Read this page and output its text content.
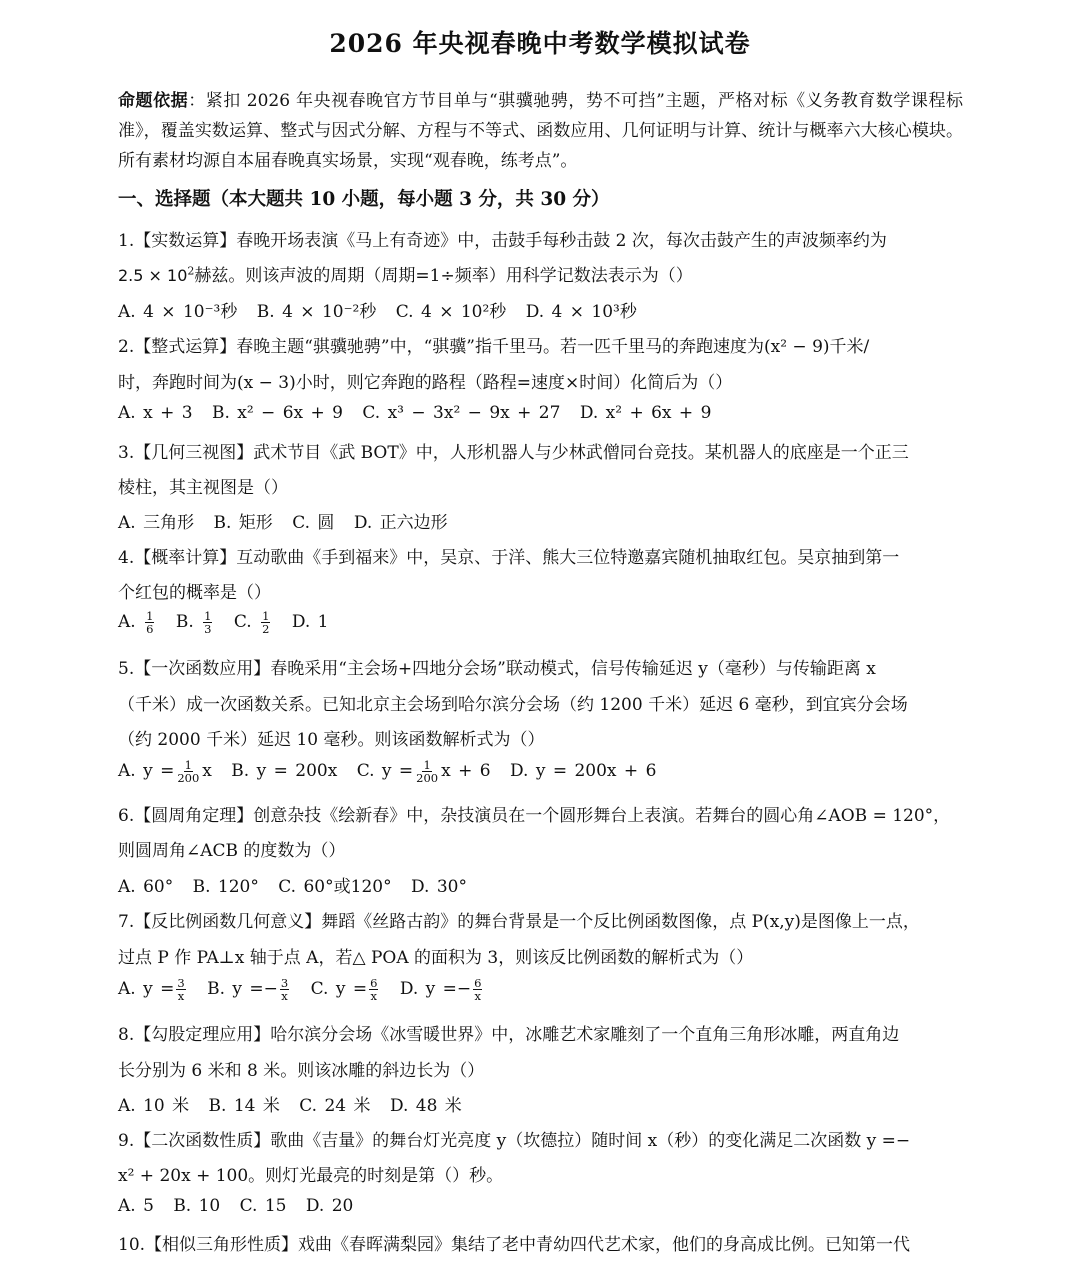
2026 年央视春晚中考数学模拟试卷
命题依据：紧扣 2026 年央视春晚官方节目单与“骐骥驰骋，势不可挡”主题，严格对标《义务教育数学课程标准》，覆盖实数运算、整式与因式分解、方程与不等式、函数应用、几何证明与计算、统计与概率六大核心模块。所有素材均源自本届春晚真实场景，实现“观春晚，练考点”。
一、选择题（本大题共 10 小题，每小题 3 分，共 30 分）
1.【实数运算】春晚开场表演《马上有奇迹》中，击鼓手每秒击鼓 2 次，每次击鼓产生的声波频率约为
$2.5 \times 10^2$赫兹。则该声波的周期（周期=1÷频率）用科学记数法表示为（）
A. 4 × 10⁻³秒 B. 4 × 10⁻²秒 C. 4 × 10²秒 D. 4 × 10³秒
2.【整式运算】春晚主题“骐骥驰骋”中，“骐骥”指千里马。若一匹千里马的奔跑速度为(x² − 9)千米/
时，奔跑时间为(x − 3)小时，则它奔跑的路程（路程=速度×时间）化简后为（）
A. x + 3 B. x² − 6x + 9 C. x³ − 3x² − 9x + 27 D. x² + 6x + 9
3.【几何三视图】武术节目《武 BOT》中，人形机器人与少林武僧同台竞技。某机器人的底座是一个正三
棱柱，其主视图是（）
A. 三角形 B. 矩形 C. 圆 D. 正六边形
4.【概率计算】互动歌曲《手到福来》中，吴京、于洋、熊大三位特邀嘉宾随机抽取红包。吴京抽到第一
个红包的概率是（）
A. $\frac{1}{6} B$. $\frac{1}{3} C$. $\frac{1}{2} D$. 1
5.【一次函数应用】春晚采用“主会场+四地分会场”联动模式，信号传输延迟 y（毫秒）与传输距离 x
（千米）成一次函数关系。已知北京主会场到哈尔滨分会场（约 1200 千米）延迟 6 毫秒，到宜宾分会场
（约 2000 千米）延迟 10 毫秒。则该函数解析式为（）
A. $y = \frac{1}{200}$ x B. y = 200x C. $y = \frac{1}{200}$ x + 6 D. y = 200x + 6
6.【圆周角定理】创意杂技《绘新春》中，杂技演员在一个圆形舞台上表演。若舞台的圆心角∠AOB = 120°，
则圆周角∠ACB 的度数为（）
A. 60° B. 120° C. 60°或120° D. 30°
7.【反比例函数几何意义】舞蹈《丝路古韵》的舞台背景是一个反比例函数图像，点 P(x,y)是图像上一点，
过点 P 作 PA⊥x 轴于点 A，若△ POA 的面积为 3，则该反比例函数的解析式为（）
A. $y = \frac{3}{x} B$. $y =- \frac{3}{x} C$. $y = \frac{6}{x} D$. $y =- \frac{6}{x}$
8.【勾股定理应用】哈尔滨分会场《冰雪暖世界》中，冰雕艺术家雕刻了一个直角三角形冰雕，两直角边
长分别为 6 米和 8 米。则该冰雕的斜边长为（）
A. 10 米 B. 14 米 C. 24 米 D. 48 米
9.【二次函数性质】歌曲《吉量》的舞台灯光亮度 y（坎德拉）随时间 x（秒）的变化满足二次函数 y =−
x² + 20x + 100。则灯光最亮的时刻是第（）秒。
A. 5 B. 10 C. 15 D. 20
10.【相似三角形性质】戏曲《春晖满梨园》集结了老中青幼四代艺术家，他们的身高成比例。已知第一代
